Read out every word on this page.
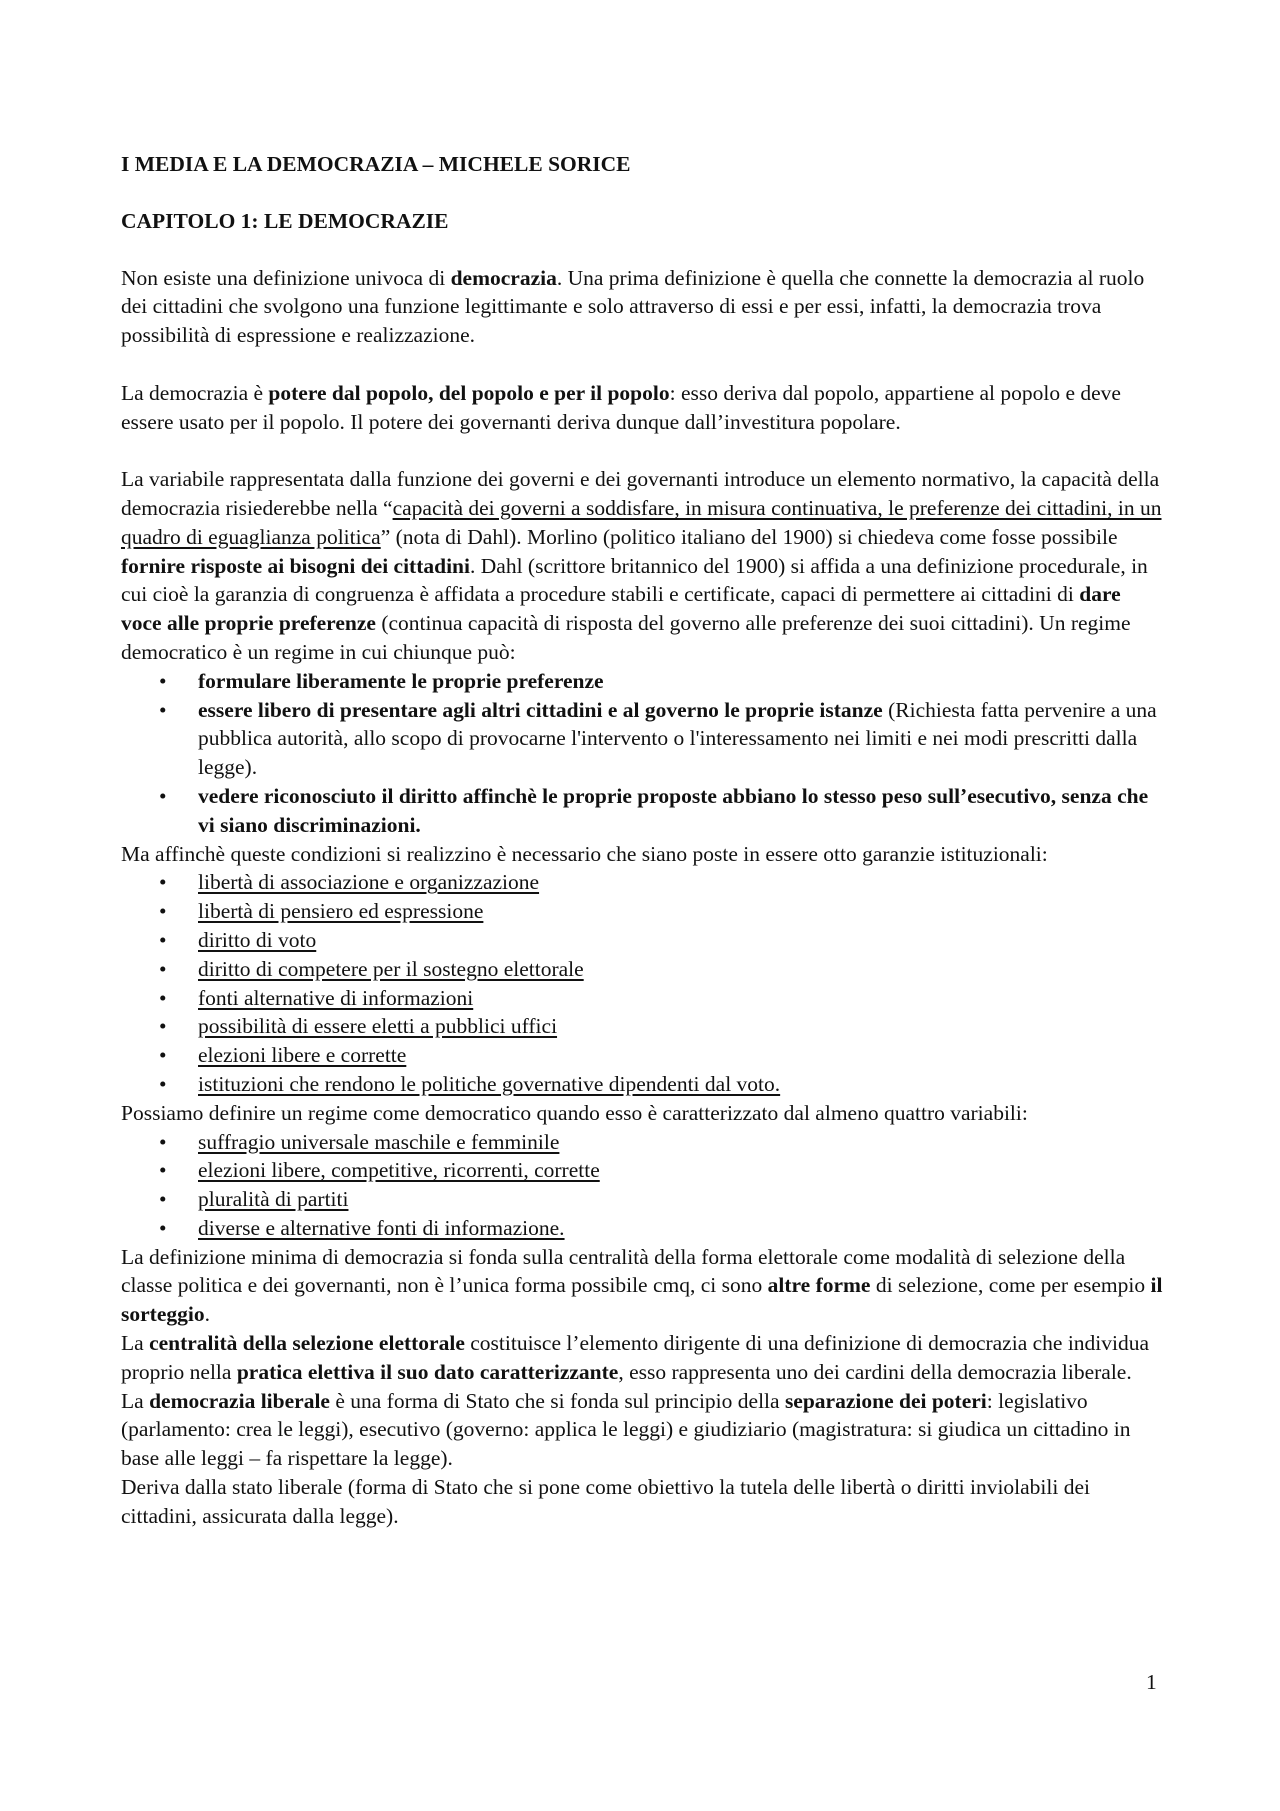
I MEDIA E LA DEMOCRAZIA – MICHELE SORICE
CAPITOLO 1: LE DEMOCRAZIE

Non esiste una definizione univoca di democrazia. Una prima definizione è quella che connette la democrazia al ruolo dei cittadini che svolgono una funzione legittimante e solo attraverso di essi e per essi, infatti, la democrazia trova possibilità di espressione e realizzazione.

La democrazia è potere dal popolo, del popolo e per il popolo: esso deriva dal popolo, appartiene al popolo e deve essere usato per il popolo. Il potere dei governanti deriva dunque dall’investitura popolare.

La variabile rappresentata dalla funzione dei governi e dei governanti introduce un elemento normativo, la capacità della democrazia risiederebbe nella “capacità dei governi a soddisfare, in misura continuativa, le preferenze dei cittadini, in un quadro di eguaglianza politica” (nota di Dahl). Morlino (politico italiano del 1900) si chiedeva come fosse possibile fornire risposte ai bisogni dei cittadini. Dahl (scrittore britannico del 1900) si affida a una definizione procedurale, in cui cioè la garanzia di congruenza è affidata a procedure stabili e certificate, capaci di permettere ai cittadini di dare voce alle proprie preferenze (continua capacità di risposta del governo alle preferenze dei suoi cittadini). Un regime democratico è un regime in cui chiunque può:

• formulare liberamente le proprie preferenze
• essere libero di presentare agli altri cittadini e al governo le proprie istanze (Richiesta fatta pervenire a una pubblica autorità, allo scopo di provocarne l'intervento o l'interessamento nei limiti e nei modi prescritti dalla legge).
• vedere riconosciuto il diritto affinchè le proprie proposte abbiano lo stesso peso sull’esecutivo, senza che vi siano discriminazioni.

Ma affinchè queste condizioni si realizzino è necessario che siano poste in essere otto garanzie istituzionali:

• libertà di associazione e organizzazione
• libertà di pensiero ed espressione
• diritto di voto
• diritto di competere per il sostegno elettorale
• fonti alternative di informazioni
• possibilità di essere eletti a pubblici uffici
• elezioni libere e corrette
• istituzioni che rendono le politiche governative dipendenti dal voto.

Possiamo definire un regime come democratico quando esso è caratterizzato dal almeno quattro variabili:

• suffragio universale maschile e femminile
• elezioni libere, competitive, ricorrenti, corrette
• pluralità di partiti
• diverse e alternative fonti di informazione.

La definizione minima di democrazia si fonda sulla centralità della forma elettorale come modalità di selezione della classe politica e dei governanti, non è l’unica forma possibile cmq, ci sono altre forme di selezione, come per esempio il sorteggio.

La centralità della selezione elettorale costituisce l’elemento dirigente di una definizione di democrazia che individua proprio nella pratica elettiva il suo dato caratterizzante, esso rappresenta uno dei cardini della democrazia liberale.

La democrazia liberale è una forma di Stato che si fonda sul principio della separazione dei poteri: legislativo (parlamento: crea le leggi), esecutivo (governo: applica le leggi) e giudiziario (magistratura: si giudica un cittadino in base alle leggi – fa rispettare la legge).

Deriva dalla stato liberale (forma di Stato che si pone come obiettivo la tutela delle libertà o diritti inviolabili dei cittadini, assicurata dalla legge).

1
